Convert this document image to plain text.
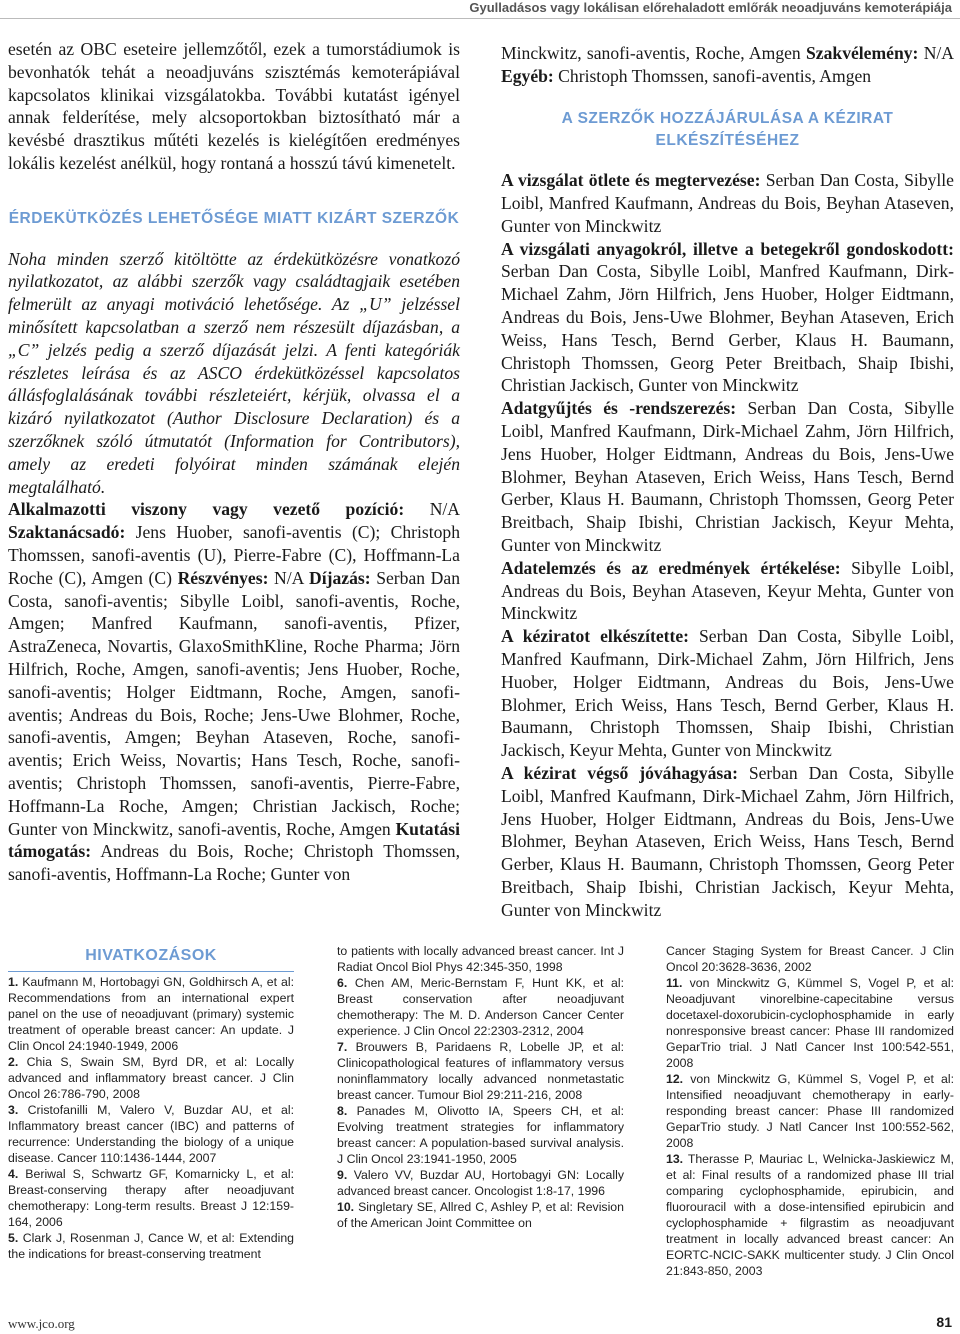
Gyulladásos vagy lokálisan előrehaladott emlőrák neoadjuváns kemoterápiája

esetén az OBC eseteire jellemzőtől, ezek a tumorstádiumok is bevonhatók tehát a neoadjuváns szisztémás kemoterápiával kapcsolatos klinikai vizsgálatokba. További kutatást igényel annak felderítése, mely alcsoportokban biztosítható már a kevésbé drasztikus műtéti kezelés is kielégítően eredményes lokális kezelést anélkül, hogy rontaná a hosszú távú kimenetelt.

ÉRDEKÜTKÖZÉS LEHETŐSÉGE MIATT KIZÁRT SZERZŐK

Noha minden szerző kitöltötte az érdekütközésre vonatkozó nyilatkozatot, az alábbi szerzők vagy családtagjaik esetében felmerült az anyagi motiváció lehetősége. Az „U” jelzéssel minősített kapcsolatban a szerző nem részesült díjazásban, a „C” jelzés pedig a szerző díjazását jelzi. A fenti kategóriák részletes leírása és az ASCO érdekütközéssel kapcsolatos állásfoglalásának további részleteiért, kérjük, olvassa el a kizáró nyilatkozatot (Author Disclosure Declaration) és a szerzőknek szóló útmutatót (Information for Contributors), amely az eredeti folyóirat minden számának elején megtalálható.

Alkalmazotti viszony vagy vezető pozíció: N/A Szaktanácsadó: Jens Huober, sanofi-aventis (C); Christoph Thomssen, sanofi-aventis (U), Pierre-Fabre (C), Hoffmann-La Roche (C), Amgen (C) Részvényes: N/A Díjazás: Serban Dan Costa, sanofi-aventis; Sibylle Loibl, sanofi-aventis, Roche, Amgen; Manfred Kaufmann, sanofi-aventis, Pfizer, AstraZeneca, Novartis, GlaxoSmithKline, Roche Pharma; Jörn Hilfrich, Roche, Amgen, sanofi-aventis; Jens Huober, Roche, sanofi-aventis; Holger Eidtmann, Roche, Amgen, sanofi-aventis; Andreas du Bois, Roche; Jens-Uwe Blohmer, Roche, sanofi-aventis, Amgen; Beyhan Ataseven, Roche, sanofi-aventis; Erich Weiss, Novartis; Hans Tesch, Roche, sanofi-aventis; Christoph Thomssen, sanofi-aventis, Pierre-Fabre, Hoffmann-La Roche, Amgen; Christian Jackisch, Roche; Gunter von Minckwitz, sanofi-aventis, Roche, Amgen Kutatási támogatás: Andreas du Bois, Roche; Christoph Thomssen, sanofi-aventis, Hoffmann-La Roche; Gunter von

Minckwitz, sanofi-aventis, Roche, Amgen Szakvélemény: N/A Egyéb: Christoph Thomssen, sanofi-aventis, Amgen

A SZERZŐK HOZZÁJÁRULÁSA A KÉZIRAT ELKÉSZÍTÉSÉHEZ

A vizsgálat ötlete és megtervezése: Serban Dan Costa, Sibylle Loibl, Manfred Kaufmann, Andreas du Bois, Beyhan Ataseven, Gunter von Minckwitz

A vizsgálati anyagokról, illetve a betegekről gondoskodott: Serban Dan Costa, Sibylle Loibl, Manfred Kaufmann, Dirk-Michael Zahm, Jörn Hilfrich, Jens Huober, Holger Eidtmann, Andreas du Bois, Jens-Uwe Blohmer, Beyhan Ataseven, Erich Weiss, Hans Tesch, Bernd Gerber, Klaus H. Baumann, Christoph Thomssen, Georg Peter Breitbach, Shaip Ibishi, Christian Jackisch, Gunter von Minckwitz

Adatgyűjtés és -rendszerezés: Serban Dan Costa, Sibylle Loibl, Manfred Kaufmann, Dirk-Michael Zahm, Jörn Hilfrich, Jens Huober, Holger Eidtmann, Andreas du Bois, Jens-Uwe Blohmer, Beyhan Ataseven, Erich Weiss, Hans Tesch, Bernd Gerber, Klaus H. Baumann, Christoph Thomssen, Georg Peter Breitbach, Shaip Ibishi, Christian Jackisch, Keyur Mehta, Gunter von Minckwitz

Adatelemzés és az eredmények értékelése: Sibylle Loibl, Andreas du Bois, Beyhan Ataseven, Keyur Mehta, Gunter von Minckwitz

A kéziratot elkészítette: Serban Dan Costa, Sibylle Loibl, Manfred Kaufmann, Dirk-Michael Zahm, Jörn Hilfrich, Jens Huober, Holger Eidtmann, Andreas du Bois, Jens-Uwe Blohmer, Erich Weiss, Hans Tesch, Bernd Gerber, Klaus H. Baumann, Christoph Thomssen, Shaip Ibishi, Christian Jackisch, Keyur Mehta, Gunter von Minckwitz

A kézirat végső jóváhagyása: Serban Dan Costa, Sibylle Loibl, Manfred Kaufmann, Dirk-Michael Zahm, Jörn Hilfrich, Jens Huober, Holger Eidtmann, Andreas du Bois, Jens-Uwe Blohmer, Beyhan Ataseven, Erich Weiss, Hans Tesch, Bernd Gerber, Klaus H. Baumann, Christoph Thomssen, Georg Peter Breitbach, Shaip Ibishi, Christian Jackisch, Keyur Mehta, Gunter von Minckwitz

HIVATKOZÁSOK

1. Kaufmann M, Hortobagyi GN, Goldhirsch A, et al: Recommendations from an international expert panel on the use of neoadjuvant (primary) systemic treatment of operable breast cancer: An update. J Clin Oncol 24:1940-1949, 2006

2. Chia S, Swain SM, Byrd DR, et al: Locally advanced and inflammatory breast cancer. J Clin Oncol 26:786-790, 2008

3. Cristofanilli M, Valero V, Buzdar AU, et al: Inflammatory breast cancer (IBC) and patterns of recurrence: Understanding the biology of a unique disease. Cancer 110:1436-1444, 2007

4. Beriwal S, Schwartz GF, Komarnicky L, et al: Breast-conserving therapy after neoadjuvant chemotherapy: Long-term results. Breast J 12:159-164, 2006

5. Clark J, Rosenman J, Cance W, et al: Extending the indications for breast-conserving treatment

to patients with locally advanced breast cancer. Int J Radiat Oncol Biol Phys 42:345-350, 1998

6. Chen AM, Meric-Bernstam F, Hunt KK, et al: Breast conservation after neoadjuvant chemotherapy: The M. D. Anderson Cancer Center experience. J Clin Oncol 22:2303-2312, 2004

7. Brouwers B, Paridaens R, Lobelle JP, et al: Clinicopathological features of inflammatory versus noninflammatory locally advanced nonmetastatic breast cancer. Tumour Biol 29:211-216, 2008

8. Panades M, Olivotto IA, Speers CH, et al: Evolving treatment strategies for inflammatory breast cancer: A population-based survival analysis. J Clin Oncol 23:1941-1950, 2005

9. Valero VV, Buzdar AU, Hortobagyi GN: Locally advanced breast cancer. Oncologist 1:8-17, 1996

10. Singletary SE, Allred C, Ashley P, et al: Revision of the American Joint Committee on

Cancer Staging System for Breast Cancer. J Clin Oncol 20:3628-3636, 2002

11. von Minckwitz G, Kümmel S, Vogel P, et al: Neoadjuvant vinorelbine-capecitabine versus docetaxel-doxorubicin-cyclophosphamide in early nonresponsive breast cancer: Phase III randomized GeparTrio trial. J Natl Cancer Inst 100:542-551, 2008

12. von Minckwitz G, Kümmel S, Vogel P, et al: Intensified neoadjuvant chemotherapy in early-responding breast cancer: Phase III randomized GeparTrio study. J Natl Cancer Inst 100:552-562, 2008

13. Therasse P, Mauriac L, Welnicka-Jaskiewicz M, et al: Final results of a randomized phase III trial comparing cyclophosphamide, epirubicin, and fluorouracil with a dose-intensified epirubicin and cyclophosphamide + filgrastim as neoadjuvant treatment in locally advanced breast cancer: An EORTC-NCIC-SAKK multicenter study. J Clin Oncol 21:843-850, 2003

www.jco.org	81
